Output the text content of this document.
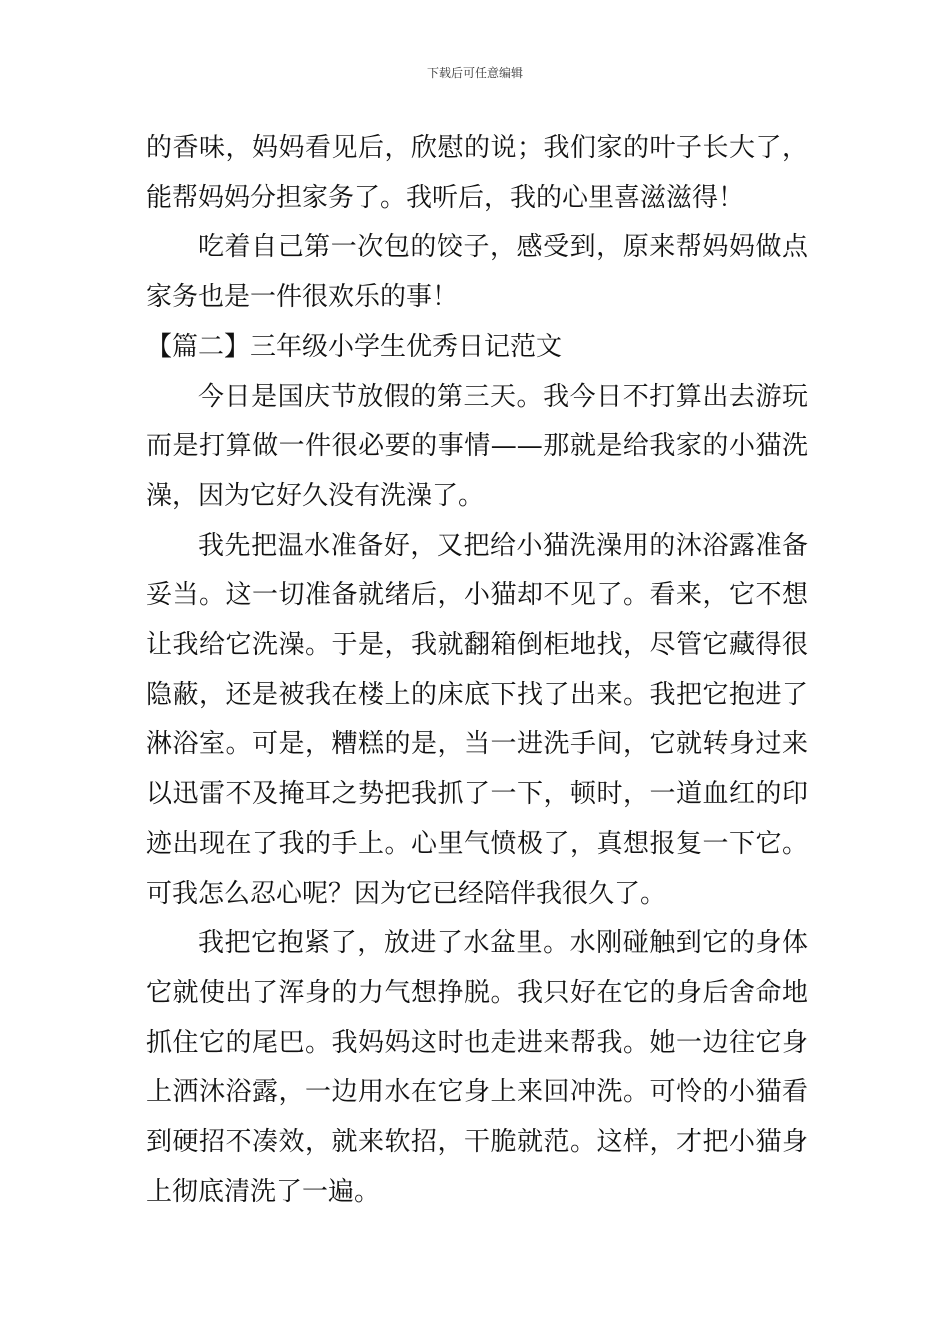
下载后可任意编辑

的香味，妈妈看见后，欣慰的说；我们家的叶子长大了，能帮妈妈分担家务了。我听后，我的心里喜滋滋得！

吃着自己第一次包的饺子，感受到，原来帮妈妈做点家务也是一件很欢乐的事！

【篇二】三年级小学生优秀日记范文

今日是国庆节放假的第三天。我今日不打算出去游玩而是打算做一件很必要的事情——那就是给我家的小猫洗澡，因为它好久没有洗澡了。

我先把温水准备好，又把给小猫洗澡用的沐浴露准备妥当。这一切准备就绪后，小猫却不见了。看来，它不想让我给它洗澡。于是，我就翻箱倒柜地找，尽管它藏得很隐蔽，还是被我在楼上的床底下找了出来。我把它抱进了淋浴室。可是，糟糕的是，当一进洗手间，它就转身过来以迅雷不及掩耳之势把我抓了一下，顿时，一道血红的印迹出现在了我的手上。心里气愤极了，真想报复一下它。可我怎么忍心呢？因为它已经陪伴我很久了。

我把它抱紧了，放进了水盆里。水刚碰触到它的身体它就使出了浑身的力气想挣脱。我只好在它的身后舍命地抓住它的尾巴。我妈妈这时也走进来帮我。她一边往它身上洒沐浴露，一边用水在它身上来回冲洗。可怜的小猫看到硬招不凑效，就来软招，干脆就范。这样，才把小猫身上彻底清洗了一遍。
